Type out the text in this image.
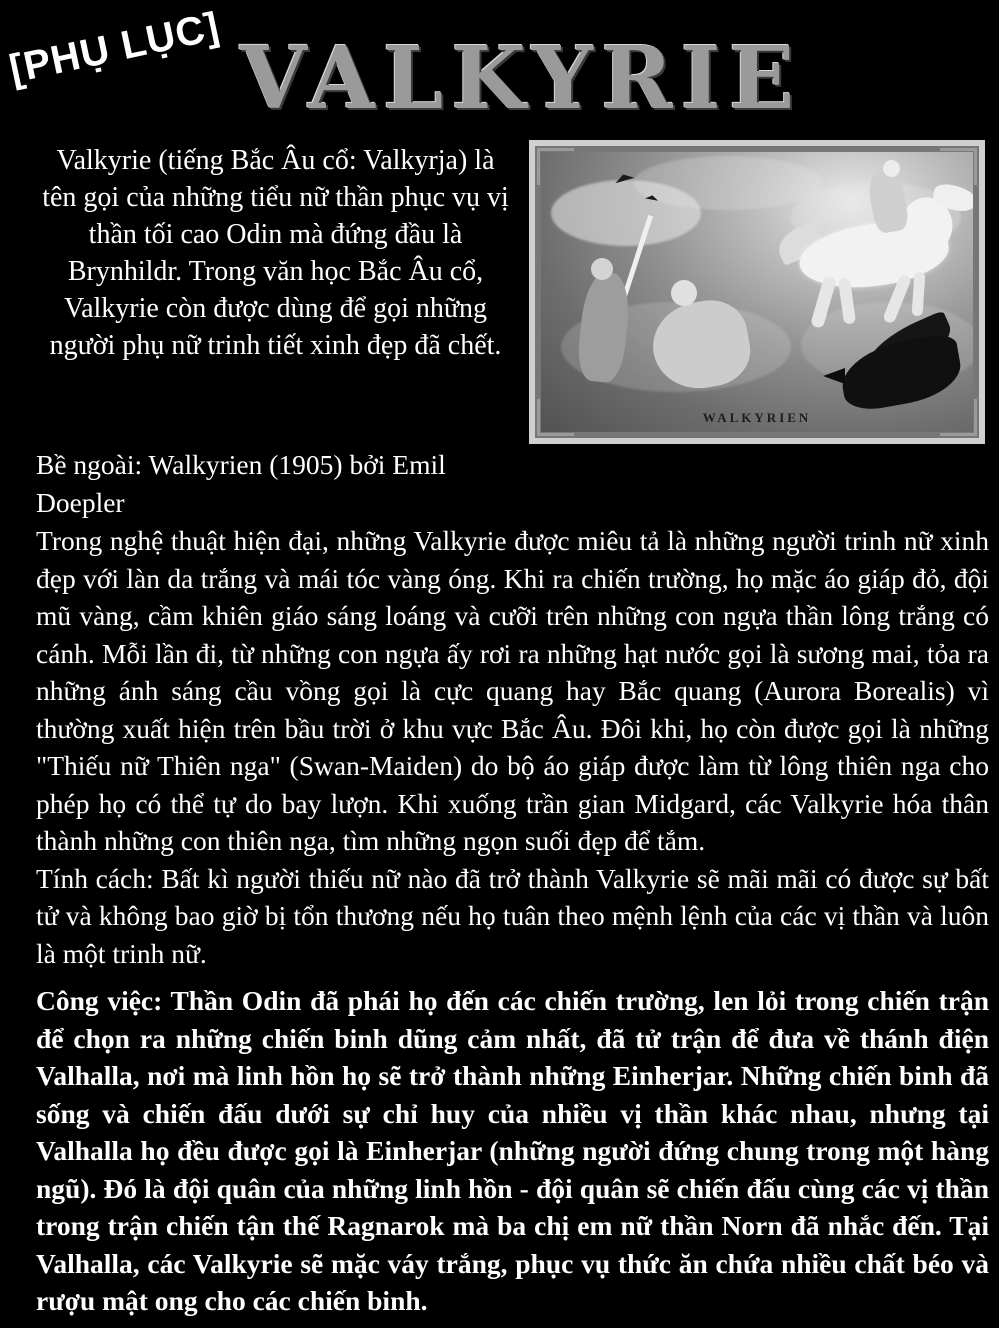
[PHỤ LỤC] VALKYRIE
WALKYRIEN
Valkyrie (tiếng Bắc Âu cổ: Valkyrja) là tên gọi của những tiểu nữ thần phục vụ vị thần tối cao Odin mà đứng đầu là Brynhildr. Trong văn học Bắc Âu cổ, Valkyrie còn được dùng để gọi những người phụ nữ trinh tiết xinh đẹp đã chết.
Bề ngoài: Walkyrien (1905) bởi Emil Doepler

Trong nghệ thuật hiện đại, những Valkyrie được miêu tả là những người trinh nữ xinh đẹp với làn da trắng và mái tóc vàng óng. Khi ra chiến trường, họ mặc áo giáp đỏ, đội mũ vàng, cầm khiên giáo sáng loáng và cưỡi trên những con ngựa thần lông trắng có cánh. Mỗi lần đi, từ những con ngựa ấy rơi ra những hạt nước gọi là sương mai, tỏa ra những ánh sáng cầu vồng gọi là cực quang hay Bắc quang (Aurora Borealis) vì thường xuất hiện trên bầu trời ở khu vực Bắc Âu. Đôi khi, họ còn được gọi là những "Thiếu nữ Thiên nga" (Swan-Maiden) do bộ áo giáp được làm từ lông thiên nga cho phép họ có thể tự do bay lượn. Khi xuống trần gian Midgard, các Valkyrie hóa thân thành những con thiên nga, tìm những ngọn suối đẹp để tắm.

Tính cách: Bất kì người thiếu nữ nào đã trở thành Valkyrie sẽ mãi mãi có được sự bất tử và không bao giờ bị tổn thương nếu họ tuân theo mệnh lệnh của các vị thần và luôn là một trinh nữ.

Công việc: Thần Odin đã phái họ đến các chiến trường, len lỏi trong chiến trận để chọn ra những chiến binh dũng cảm nhất, đã tử trận để đưa về thánh điện Valhalla, nơi mà linh hồn họ sẽ trở thành những Einherjar. Những chiến binh đã sống và chiến đấu dưới sự chỉ huy của nhiều vị thần khác nhau, nhưng tại Valhalla họ đều được gọi là Einherjar (những người đứng chung trong một hàng ngũ). Đó là đội quân của những linh hồn - đội quân sẽ chiến đấu cùng các vị thần trong trận chiến tận thế Ragnarok mà ba chị em nữ thần Norn đã nhắc đến. Tại Valhalla, các Valkyrie sẽ mặc váy trắng, phục vụ thức ăn chứa nhiều chất béo và rượu mật ong cho các chiến binh.
